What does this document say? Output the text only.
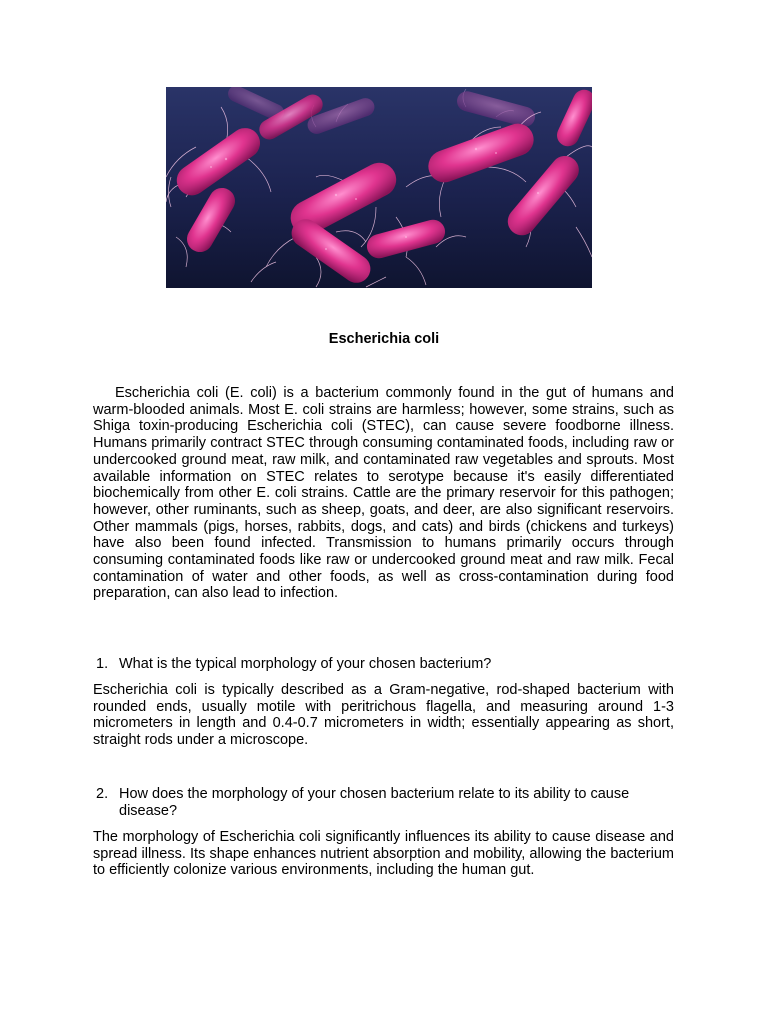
Escherichia coli

Escherichia coli (E. coli) is a bacterium commonly found in the gut of humans and warm-blooded animals. Most E. coli strains are harmless; however, some strains, such as Shiga toxin-producing Escherichia coli (STEC), can cause severe foodborne illness. Humans primarily contract STEC through consuming contaminated foods, including raw or undercooked ground meat, raw milk, and contaminated raw vegetables and sprouts. Most available information on STEC relates to serotype because it's easily differentiated biochemically from other E. coli strains. Cattle are the primary reservoir for this pathogen; however, other ruminants, such as sheep, goats, and deer, are also significant reservoirs. Other mammals (pigs, horses, rabbits, dogs, and cats) and birds (chickens and turkeys) have also been found infected. Transmission to humans primarily occurs through consuming contaminated foods like raw or undercooked ground meat and raw milk. Fecal contamination of water and other foods, as well as cross-contamination during food preparation, can also lead to infection.

1. What is the typical morphology of your chosen bacterium?

Escherichia coli is typically described as a Gram-negative, rod-shaped bacterium with rounded ends, usually motile with peritrichous flagella, and measuring around 1-3 micrometers in length and 0.4-0.7 micrometers in width; essentially appearing as short, straight rods under a microscope.

2. How does the morphology of your chosen bacterium relate to its ability to cause disease?

The morphology of Escherichia coli significantly influences its ability to cause disease and spread illness. Its shape enhances nutrient absorption and mobility, allowing the bacterium to efficiently colonize various environments, including the human gut.
